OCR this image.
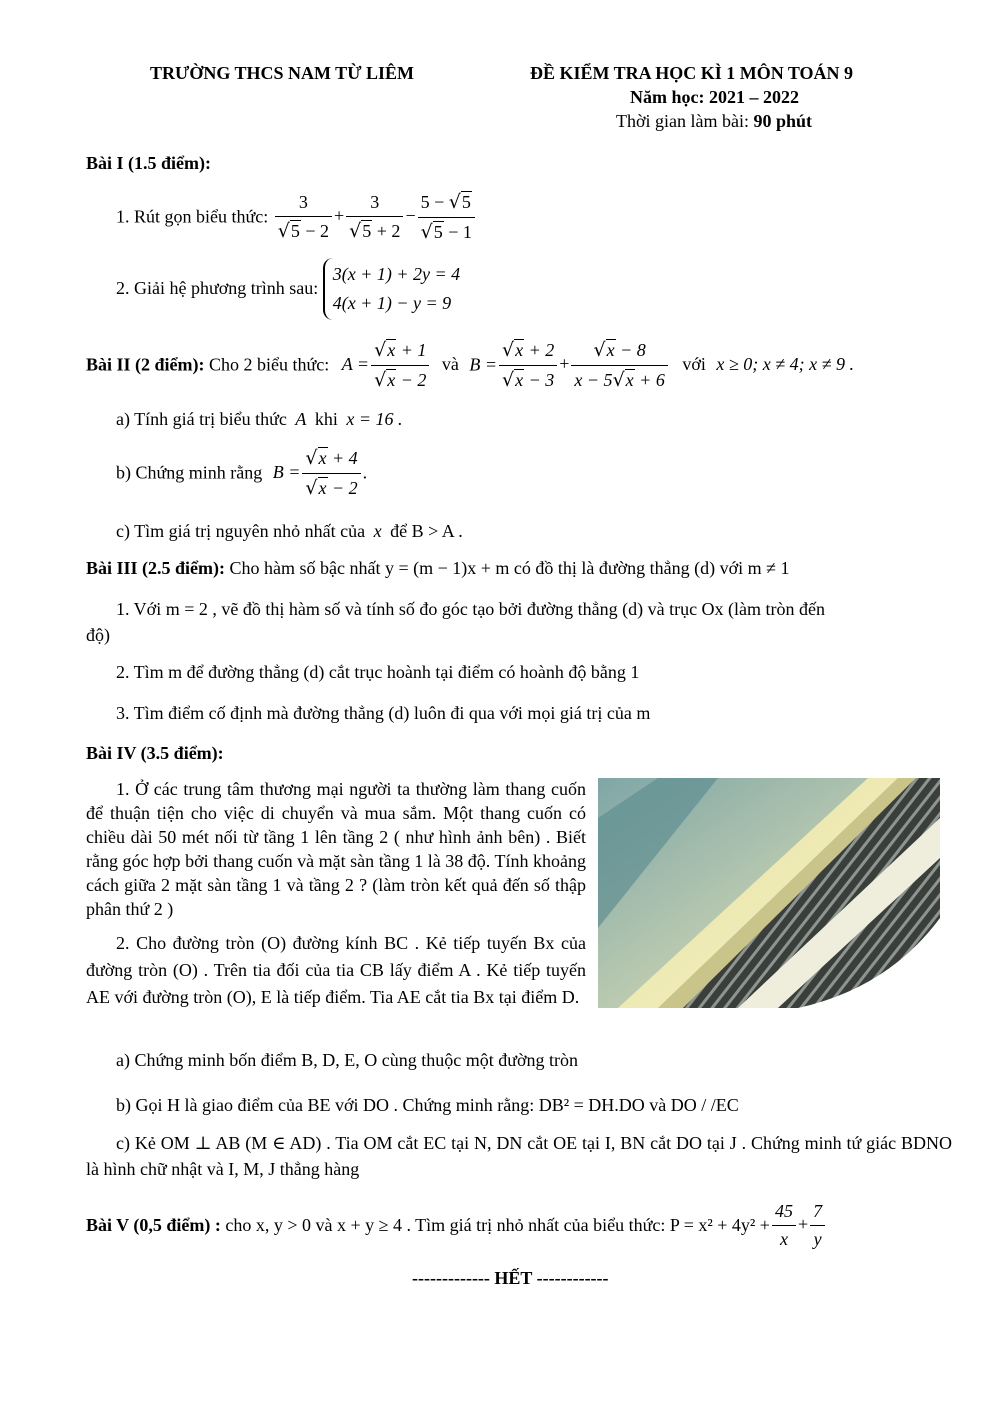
TRƯỜNG THCS NAM TỪ LIÊM	ĐỀ KIỂM TRA HỌC KÌ 1 MÔN TOÁN 9
Năm học: 2021 – 2022
Thời gian làm bài: 90 phút
Bài I (1.5 điểm):
1. Rút gọn biểu thức: $\frac{3}{√5 - 2} + \frac{3}{√5 + 2} - \frac{5 - √5}{√5 - 1}$
2. Giải hệ phương trình sau: 3(x + 1) + 2y = 4
4(x + 1) − y = 9
Bài II (2 điểm): Cho 2 biểu thức: $A = \frac{√x + 1}{√x - 2}$ và $B = \frac{√x + 2}{√x - 3} + \frac{√x - 8}{x - 5√x + 6}$ với x ≥ 0; x ≠ 4; x ≠ 9 .
a) Tính giá trị biểu thức A khi x = 16 .
b) Chứng minh rằng $B = \frac{√x + 4}{√x - 2}$ .
c) Tìm giá trị nguyên nhỏ nhất của x để B > A .
Bài III (2.5 điểm): Cho hàm số bậc nhất y = (m − 1)x + m có đồ thị là đường thẳng (d) với m ≠ 1
1. Với m = 2 , vẽ đồ thị hàm số và tính số đo góc tạo bởi đường thẳng (d) và trục Ox (làm tròn đến
độ)
2. Tìm m để đường thẳng (d) cắt trục hoành tại điểm có hoành độ bằng 1
3. Tìm điểm cố định mà đường thẳng (d) luôn đi qua với mọi giá trị của m
Bài IV (3.5 điểm):
1. Ở các trung tâm thương mại người ta thường làm thang cuốn để thuận tiện cho việc di chuyển và mua sắm. Một thang cuốn có chiều dài 50 mét nối từ tầng 1 lên tầng 2 ( như hình ảnh bên) . Biết rằng góc hợp bởi thang cuốn và mặt sàn tầng 1 là 38 độ. Tính khoảng cách giữa 2 mặt sàn tầng 1 và tầng 2 ? (làm tròn kết quả đến số thập phân thứ 2 )
2. Cho đường tròn (O) đường kính BC . Kẻ tiếp tuyến Bx của đường tròn (O) . Trên tia đối của tia CB lấy điểm A . Kẻ tiếp tuyến AE với đường tròn (O), E là tiếp điểm. Tia AE cắt tia Bx tại điểm D.
a) Chứng minh bốn điểm B, D, E, O cùng thuộc một đường tròn
b) Gọi H là giao điểm của BE với DO . Chứng minh rằng: DB² = DH.DO và DO / /EC
c) Kẻ OM ⊥ AB (M ∈ AD) . Tia OM cắt EC tại N, DN cắt OE tại I, BN cắt DO tại J . Chứng minh tứ giác BDNO là hình chữ nhật và I, M, J thẳng hàng
Bài V (0,5 điểm) : cho x, y > 0 và x + y ≥ 4 . Tìm giá trị nhỏ nhất của biểu thức: $P = x^2 + 4y^2 + \frac{45}{x} + \frac{7}{y}$
------------- HẾT ------------
